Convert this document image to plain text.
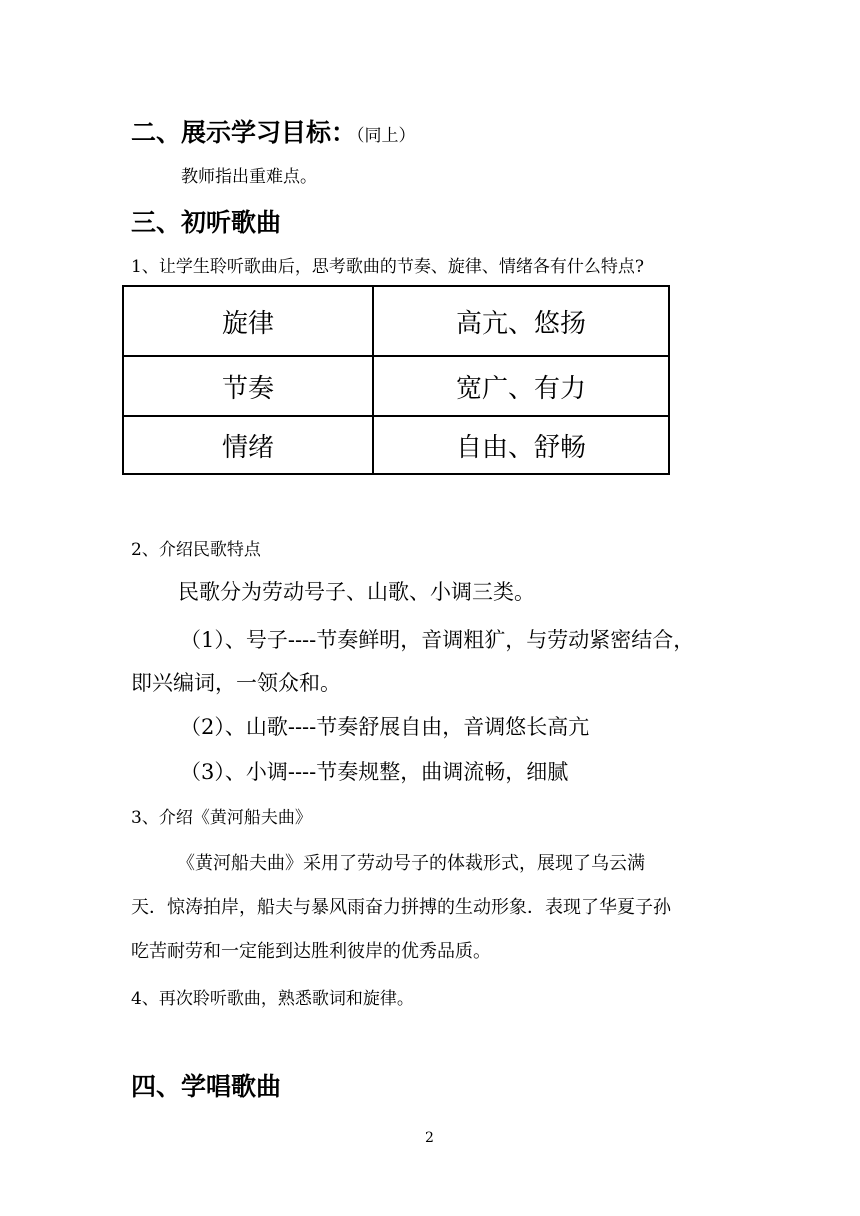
二、展示学习目标：（同上）
教师指出重难点。
三、初听歌曲
1、让学生聆听歌曲后，思考歌曲的节奏、旋律、情绪各有什么特点?
旋律	高亢、悠扬
节奏	宽广、有力
情绪	自由、舒畅
2、介绍民歌特点
民歌分为劳动号子、山歌、小调三类。
（1）、号子----节奏鲜明，音调粗犷，与劳动紧密结合，
即兴编词，一领众和。
（2）、山歌----节奏舒展自由，音调悠长高亢
（3）、小调----节奏规整，曲调流畅，细腻
3、介绍《黄河船夫曲》
《黄河船夫曲》采用了劳动号子的体裁形式，展现了乌云满
天．惊涛拍岸，船夫与暴风雨奋力拼搏的生动形象．表现了华夏子孙
吃苦耐劳和一定能到达胜利彼岸的优秀品质。
4、再次聆听歌曲，熟悉歌词和旋律。
四、学唱歌曲
2
